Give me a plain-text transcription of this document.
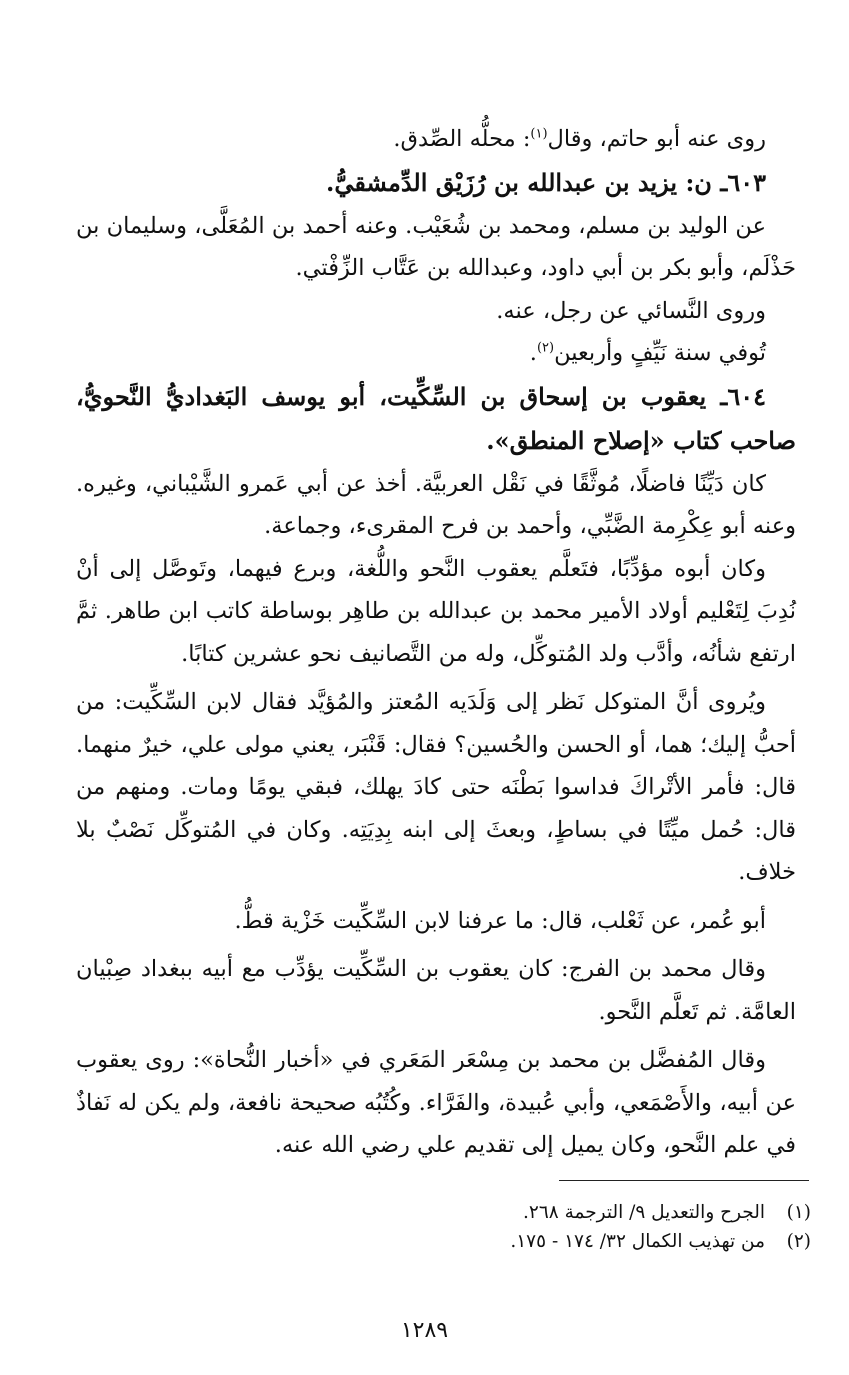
روى عنه أبو حاتم، وقال$^{(١)}$: محلُّه الصِّدق.

٦٠٣ـ ن: يزيد بن عبدالله بن رُزَيْق الدِّمشقيُّ.

عن الوليد بن مسلم، ومحمد بن شُعَيْب. وعنه أحمد بن المُعَلَّى، وسليمان بن حَذْلَم، وأبو بكر بن أبي داود، وعبدالله بن عَتَّاب الزِّفْتي.

وروى النَّسائي عن رجل، عنه.

تُوفي سنة نَيِّفٍ وأربعين$^{(٢)}$.

٦٠٤ـ يعقوب بن إسحاق بن السِّكِّيت، أبو يوسف البَغداديُّ النَّحويُّ، صاحب كتاب «إصلاح المنطق».

كان دَيِّنًا فاضلًا، مُوثَّقًا في نَقْل العربيَّة. أخذ عن أبي عَمرو الشَّيْباني، وغيره. وعنه أبو عِكْرِمة الضَّبِّي، وأحمد بن فرح المقرىء، وجماعة.

وكان أبوه مؤدِّبًا، فتَعلَّم يعقوب النَّحو واللُّغة، وبرع فيهما، وتَوصَّل إلى أنْ نُدِبَ لِتَعْليم أولاد الأمير محمد بن عبدالله بن طاهِر بوساطة كاتب ابن طاهر. ثمَّ ارتفع شأنُه، وأدَّب ولد المُتوكِّل، وله من التَّصانيف نحو عشرين كتابًا.

ويُروى أنَّ المتوكل نَظر إلى وَلَدَيه المُعتز والمُؤيَّد فقال لابن السِّكِّيت: من أحبُّ إليك؛ هما، أو الحسن والحُسين؟ فقال: قَنْبَر، يعني مولى علي، خيرٌ منهما. قال: فأمر الأتْراكَ فداسوا بَطْنَه حتى كادَ يهلك، فبقي يومًا ومات. ومنهم من قال: حُمل ميِّتًا في بساطٍ، وبعثَ إلى ابنه بِدِيَتِه. وكان في المُتوكِّل نَصْبٌ بلا خلاف.

أبو عُمر، عن ثَعْلب، قال: ما عرفنا لابن السِّكِّيت خَزْية قطُّ.

وقال محمد بن الفرج: كان يعقوب بن السِّكِّيت يؤدِّب مع أبيه ببغداد صِبْيان العامَّة. ثم تَعلَّم النَّحو.

وقال المُفضَّل بن محمد بن مِسْعَر المَعَري في «أخبار النُّحاة»: روى يعقوب عن أبيه، والأَصْمَعي، وأبي عُبيدة، والفَرَّاء. وكُتُبُه صحيحة نافعة، ولم يكن له نَفاذٌ في علم النَّحو، وكان يميل إلى تقديم علي رضي الله عنه.

(١)الجرح والتعديل ٩/ الترجمة ٢٦٨.
(٢)من تهذيب الكمال ٣٢/ ١٧٤ - ١٧٥.
١٢٨٩
